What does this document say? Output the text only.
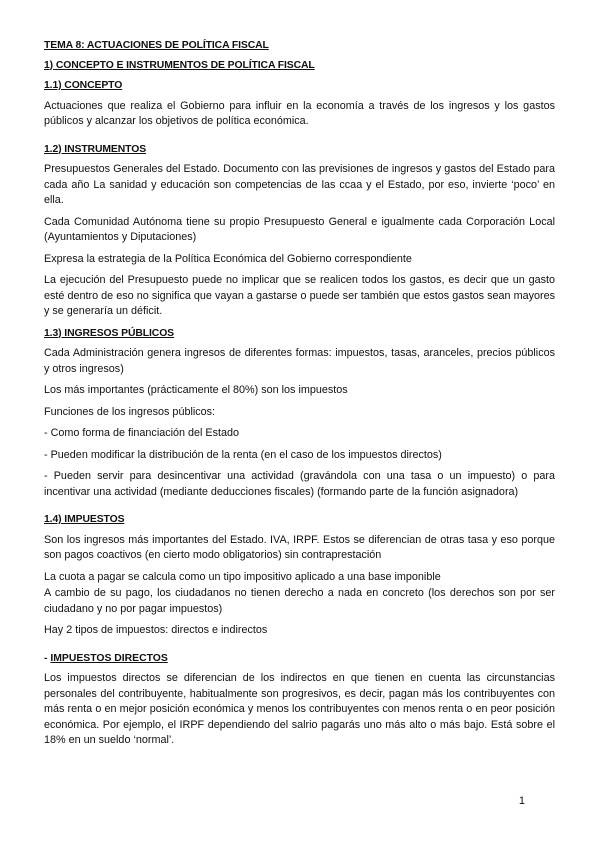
TEMA 8: ACTUACIONES DE POLÍTICA FISCAL
1) CONCEPTO E INSTRUMENTOS DE POLÍTICA FISCAL
1.1) CONCEPTO

Actuaciones que realiza el Gobierno para influir en la economía a través de los ingresos y los gastos públicos y alcanzar los objetivos de política económica.

1.2) INSTRUMENTOS

Presupuestos Generales del Estado. Documento con las previsiones de ingresos y gastos del Estado para cada año La sanidad y educación son competencias de las ccaa y el Estado, por eso, invierte ‘poco’ en ella.

Cada Comunidad Autónoma tiene su propio Presupuesto General e igualmente cada Corporación Local (Ayuntamientos y Diputaciones)

Expresa la estrategia de la Política Económica del Gobierno correspondiente

La ejecución del Presupuesto puede no implicar que se realicen todos los gastos, es decir que un gasto esté dentro de eso no significa que vayan a gastarse o puede ser también que estos gastos sean mayores y se generaría un déficit.

1.3) INGRESOS PÚBLICOS

Cada Administración genera ingresos de diferentes formas: impuestos, tasas, aranceles, precios públicos y otros ingresos)

Los más importantes (prácticamente el 80%) son los impuestos

Funciones de los ingresos públicos:

- Como forma de financiación del Estado

- Pueden modificar la distribución de la renta (en el caso de los impuestos directos)

- Pueden servir para desincentivar una actividad (gravándola con una tasa o un impuesto) o para incentivar una actividad (mediante deducciones fiscales) (formando parte de la función asignadora)

1.4) IMPUESTOS

Son los ingresos más importantes del Estado. IVA, IRPF. Estos se diferencian de otras tasa y eso porque son pagos coactivos (en cierto modo obligatorios) sin contraprestación

La cuota a pagar se calcula como un tipo impositivo aplicado a una base imponible

A cambio de su pago, los ciudadanos no tienen derecho a nada en concreto (los derechos son por ser ciudadano y no por pagar impuestos)

Hay 2 tipos de impuestos: directos e indirectos

- IMPUESTOS DIRECTOS

Los impuestos directos se diferencian de los indirectos en que tienen en cuenta las circunstancias personales del contribuyente, habitualmente son progresivos, es decir, pagan más los contribuyentes con más renta o en mejor posición económica y menos los contribuyentes con menos renta o en peor posición económica. Por ejemplo, el IRPF dependiendo del salrio pagarás uno más alto o más bajo. Está sobre el 18% en un sueldo ‘normal’.

1
